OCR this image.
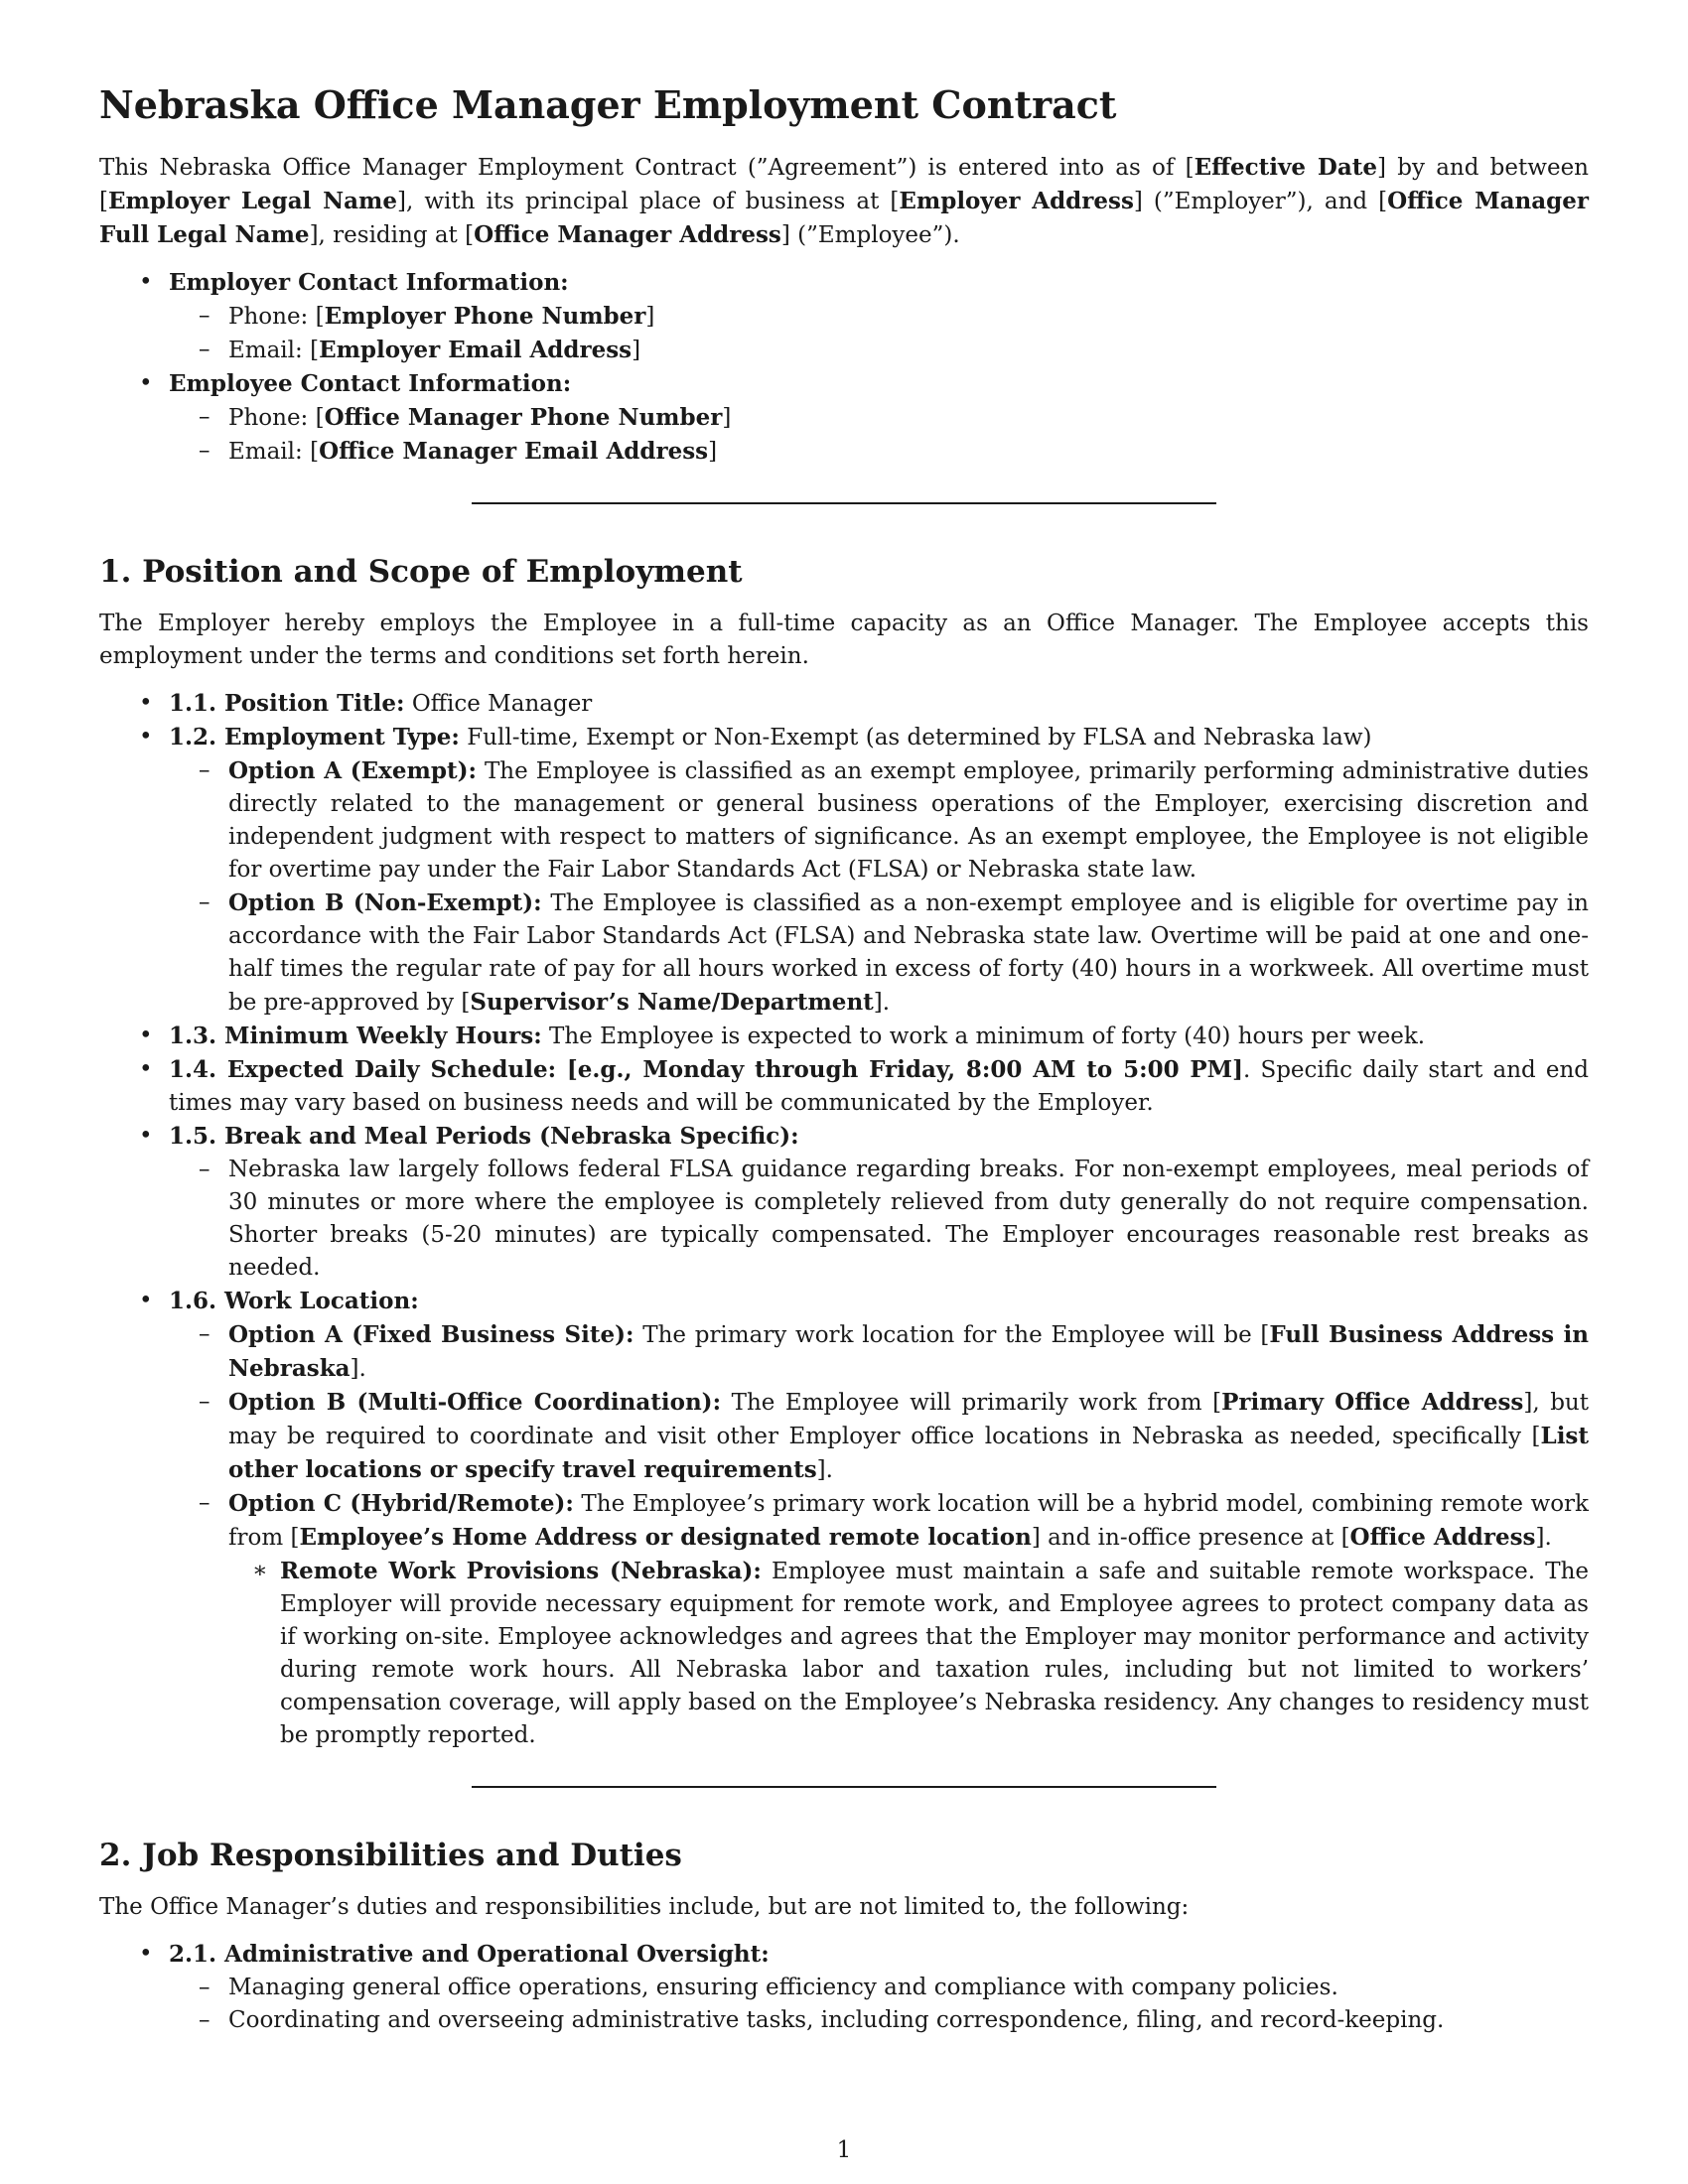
Nebraska Office Manager Employment Contract

This Nebraska Office Manager Employment Contract (”Agreement”) is entered into as of [Effective Date] by and between [Employer Legal Name], with its principal place of business at [Employer Address] (”Employer”), and [Office Manager Full Legal Name], residing at [Office Manager Address] (”Employee”).

• Employer Contact Information:
– Phone: [Employer Phone Number]
– Email: [Employer Email Address]
• Employee Contact Information:
– Phone: [Office Manager Phone Number]
– Email: [Office Manager Email Address]
1. Position and Scope of Employment

The Employer hereby employs the Employee in a full-time capacity as an Office Manager. The Employee accepts this employment under the terms and conditions set forth herein.

• 1.1. Position Title: Office Manager
• 1.2. Employment Type: Full-time, Exempt or Non-Exempt (as determined by FLSA and Nebraska law)
– Option A (Exempt): The Employee is classified as an exempt employee, primarily performing administrative duties directly related to the management or general business operations of the Employer, exercising discretion and independent judgment with respect to matters of significance. As an exempt employee, the Employee is not eligible for overtime pay under the Fair Labor Standards Act (FLSA) or Nebraska state law.
– Option B (Non-Exempt): The Employee is classified as a non-exempt employee and is eligible for overtime pay in accordance with the Fair Labor Standards Act (FLSA) and Nebraska state law. Overtime will be paid at one and one-half times the regular rate of pay for all hours worked in excess of forty (40) hours in a workweek. All overtime must be pre-approved by [Supervisor’s Name/Department].
• 1.3. Minimum Weekly Hours: The Employee is expected to work a minimum of forty (40) hours per week.
• 1.4. Expected Daily Schedule: [e.g., Monday through Friday, 8:00 AM to 5:00 PM]. Specific daily start and end times may vary based on business needs and will be communicated by the Employer.
• 1.5. Break and Meal Periods (Nebraska Specific):
– Nebraska law largely follows federal FLSA guidance regarding breaks. For non-exempt employees, meal periods of 30 minutes or more where the employee is completely relieved from duty generally do not require compensation. Shorter breaks (5-20 minutes) are typically compensated. The Employer encourages reasonable rest breaks as needed.
• 1.6. Work Location:
– Option A (Fixed Business Site): The primary work location for the Employee will be [Full Business Address in Nebraska].
– Option B (Multi-Office Coordination): The Employee will primarily work from [Primary Office Address], but may be required to coordinate and visit other Employer office locations in Nebraska as needed, specifically [List other locations or specify travel requirements].
– Option C (Hybrid/Remote): The Employee’s primary work location will be a hybrid model, combining remote work from [Employee’s Home Address or designated remote location] and in-office presence at [Office Address].
∗ Remote Work Provisions (Nebraska): Employee must maintain a safe and suitable remote workspace. The Employer will provide necessary equipment for remote work, and Employee agrees to protect company data as if working on-site. Employee acknowledges and agrees that the Employer may monitor performance and activity during remote work hours. All Nebraska labor and taxation rules, including but not limited to workers’ compensation coverage, will apply based on the Employee’s Nebraska residency. Any changes to residency must be promptly reported.
2. Job Responsibilities and Duties

The Office Manager’s duties and responsibilities include, but are not limited to, the following:

• 2.1. Administrative and Operational Oversight:
– Managing general office operations, ensuring efficiency and compliance with company policies.
– Coordinating and overseeing administrative tasks, including correspondence, filing, and record-keeping.
1
